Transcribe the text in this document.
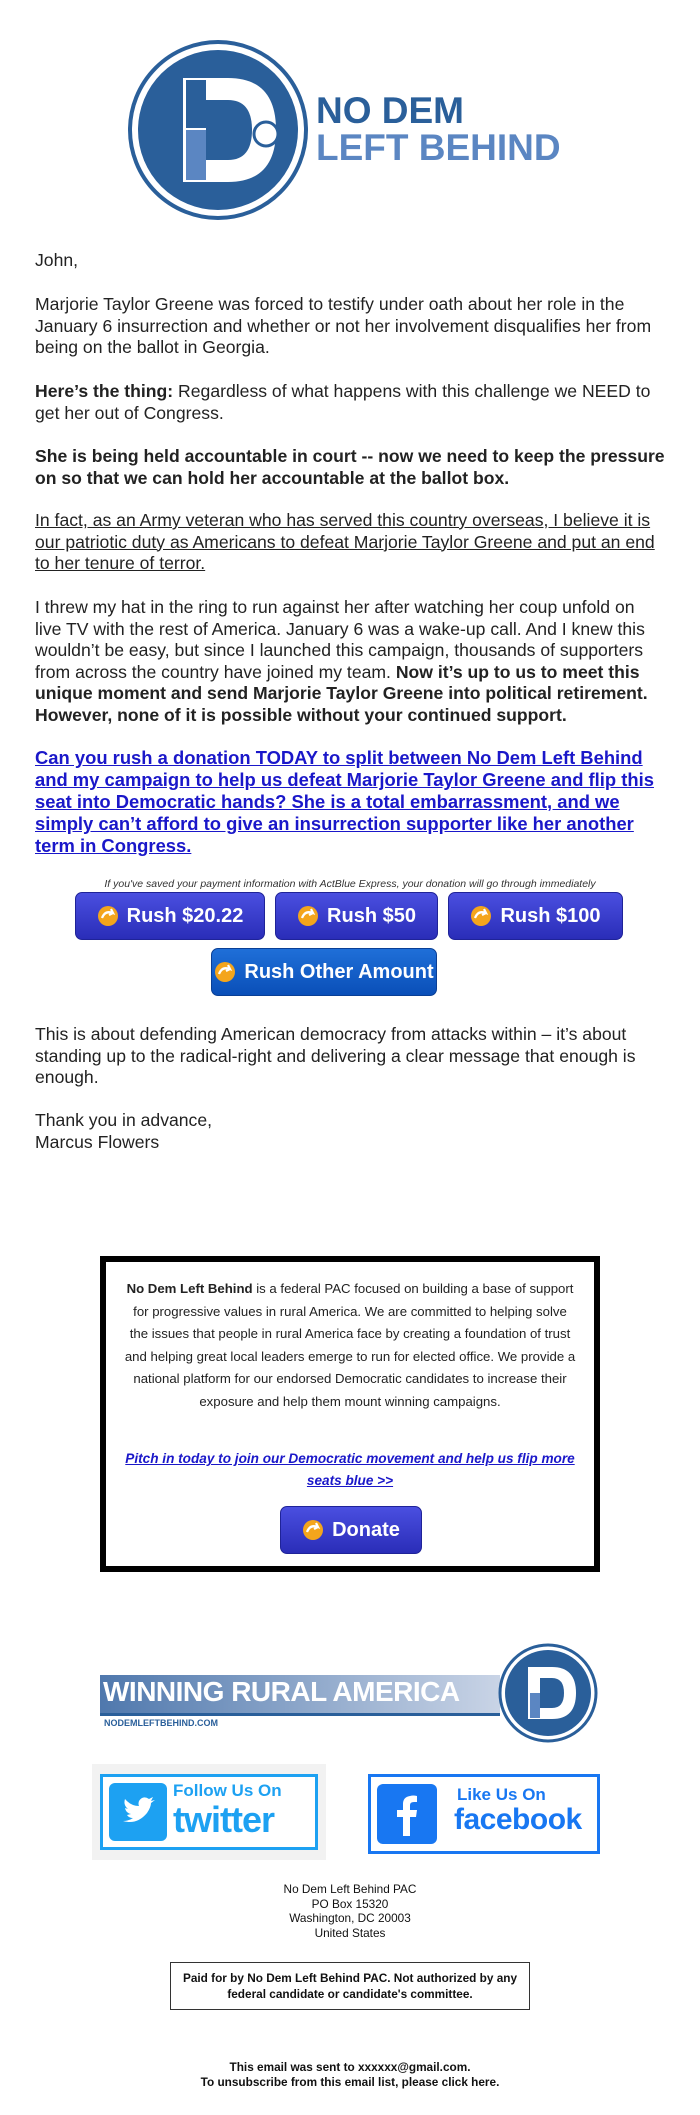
NO DEM
LEFT BEHIND
John,
Marjorie Taylor Greene was forced to testify under oath about her role in the January 6 insurrection and whether or not her involvement disqualifies her from being on the ballot in Georgia.
Here’s the thing: Regardless of what happens with this challenge we NEED to get her out of Congress.
She is being held accountable in court -- now we need to keep the pressure on so that we can hold her accountable at the ballot box.
In fact, as an Army veteran who has served this country overseas, I believe it is our patriotic duty as Americans to defeat Marjorie Taylor Greene and put an end to her tenure of terror.
I threw my hat in the ring to run against her after watching her coup unfold on live TV with the rest of America. January 6 was a wake-up call. And I knew this wouldn’t be easy, but since I launched this campaign, thousands of supporters from across the country have joined my team. Now it’s up to us to meet this unique moment and send Marjorie Taylor Greene into political retirement. However, none of it is possible without your continued support.
Can you rush a donation TODAY to split between No Dem Left Behind and my campaign to help us defeat Marjorie Taylor Greene and flip this seat into Democratic hands? She is a total embarrassment, and we simply can’t afford to give an insurrection supporter like her another term in Congress.
If you've saved your payment information with ActBlue Express, your donation will go through immediately
Rush $20.22	Rush $50	Rush $100
Rush Other Amount
This is about defending American democracy from attacks within – it’s about standing up to the radical-right and delivering a clear message that enough is enough.
Thank you in advance,
Marcus Flowers
No Dem Left Behind is a federal PAC focused on building a base of support for progressive values in rural America. We are committed to helping solve the issues that people in rural America face by creating a foundation of trust and helping great local leaders emerge to run for elected office. We provide a national platform for our endorsed Democratic candidates to increase their exposure and help them mount winning campaigns.
Pitch in today to join our Democratic movement and help us flip more seats blue >>
Donate
WINNING RURAL AMERICA
NODEMLEFTBEHIND.COM
Follow Us On
twitter
Like Us On
facebook
No Dem Left Behind PAC
PO Box 15320
Washington, DC 20003
United States
Paid for by No Dem Left Behind PAC. Not authorized by any federal candidate or candidate's committee.
This email was sent to xxxxxx@gmail.com.
To unsubscribe from this email list, please click here.
